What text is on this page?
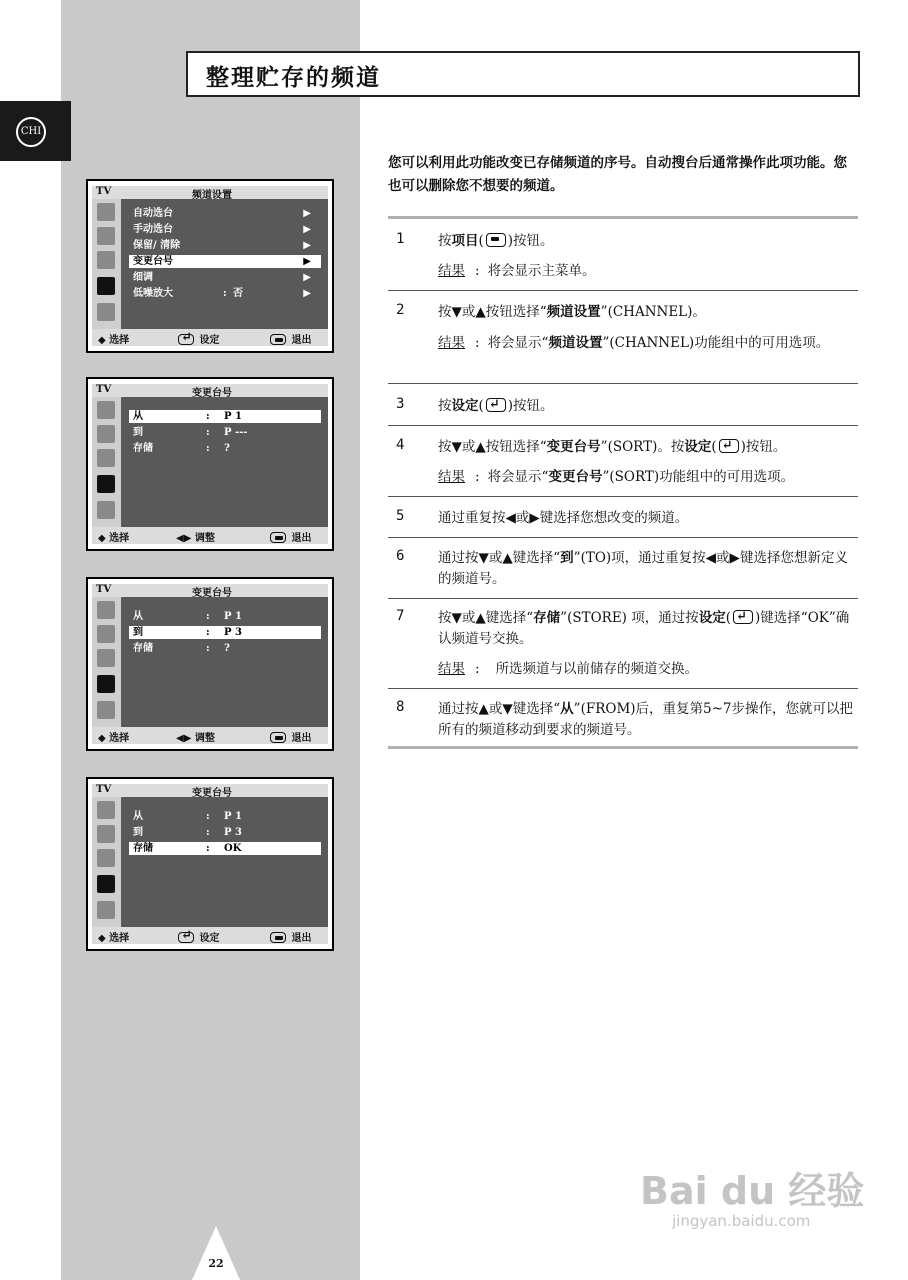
CHI
整理贮存的频道
您可以利用此功能改变已存储频道的序号。自动搜台后通常操作此项功能。您也可以删除您不想要的频道。
1 按项目( )按钮。
结果 : 将会显示主菜单。
2 按▼或▲按钮选择“频道设置”(CHANNEL)。
结果 : 将会显示“频道设置”(CHANNEL)功能组中的可用选项。
3 按设定( ↵ )按钮。
4 按▼或▲按钮选择“变更台号”(SORT)。按设定( ↵ )按钮。
结果 : 将会显示“变更台号”(SORT)功能组中的可用选项。
5 通过重复按◀或▶键选择您想改变的频道。
6 通过按▼或▲键选择“到”(TO)项，通过重复按◀或▶键选择您想新定义的频道号。
7 按▼或▲键选择“存储”(STORE) 项，通过按设定( ↵ )键选择“OK”确认频道号交换。
结果 : 所选频道与以前储存的频道交换。
8 通过按▲或▼键选择“从”(FROM)后，重复第5~7步操作，您就可以把所有的频道移动到要求的频道号。
TV	频道设置
自动选台	▶
手动选台	▶
保留/ 清除	▶
变更台号	▶
细调	▶
低噪放大	: 否	▶
◆ 选择 ↵	设定	退出
TV	变更台号
从	: P 1
到	: P ---
存储	: ?
◆ 选择	◀▶ 调整	退出
TV	变更台号
从	: P 1
到	: P 3
存储	: ?
◆ 选择	◀▶ 调整	退出
TV	变更台号
从	: P 1
到	: P 3
存储	: OK
◆ 选择 ↵	设定	退出
22
Bai du 经验
jingyan.baidu.com
